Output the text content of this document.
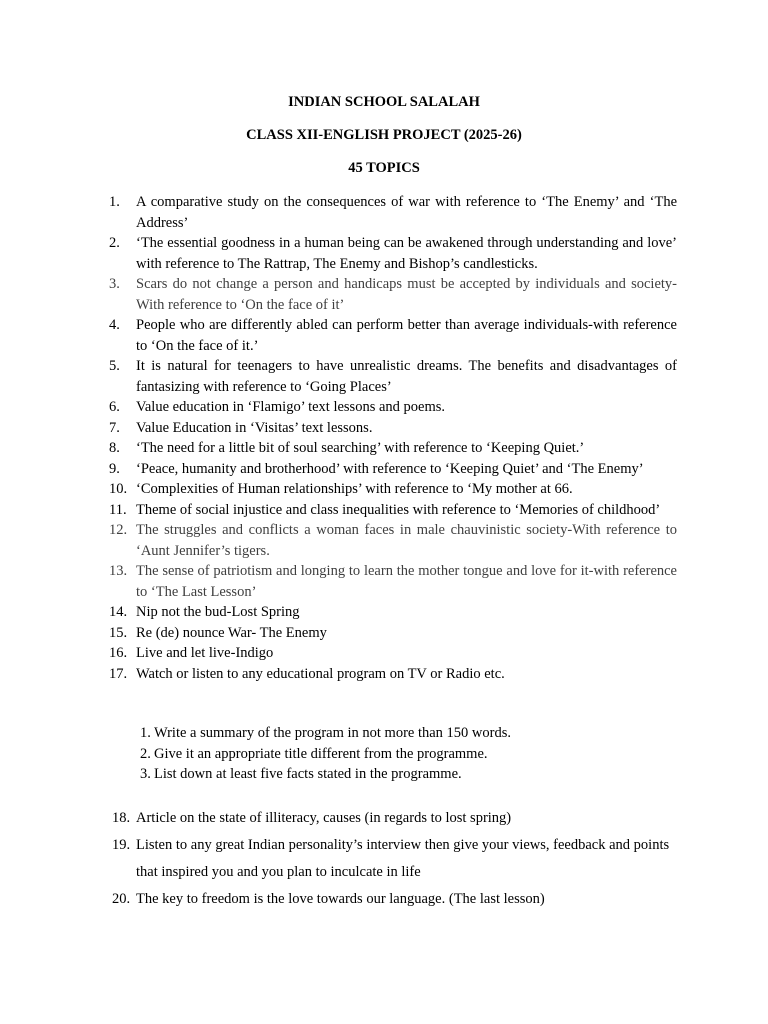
INDIAN SCHOOL SALALAH
CLASS XII-ENGLISH PROJECT (2025-26)
45 TOPICS
1.	A comparative study on the consequences of war with reference to ‘The Enemy’ and ‘The Address’
2.	‘The essential goodness in a human being can be awakened through understanding and love’ with reference to The Rattrap, The Enemy and Bishop’s candlesticks.
3.	Scars do not change a person and handicaps must be accepted by individuals and society-With reference to ‘On the face of it’
4.	People who are differently abled can perform better than average individuals-with reference to ‘On the face of it.’
5.	It is natural for teenagers to have unrealistic dreams. The benefits and disadvantages of fantasizing with reference to ‘Going Places’
6.	Value education in ‘Flamigo’ text lessons and poems.
7.	Value Education in ‘Visitas’ text lessons.
8.	‘The need for a little bit of soul searching’ with reference to ‘Keeping Quiet.’
9.	‘Peace, humanity and brotherhood’ with reference to ‘Keeping Quiet’ and ‘The Enemy’
10. ‘Complexities of Human relationships’ with reference to ‘My mother at 66.
11. Theme of social injustice and class inequalities with reference to ‘Memories of childhood’
12. The struggles and conflicts a woman faces in male chauvinistic society-With reference to ‘Aunt Jennifer’s tigers.
13. The sense of patriotism and longing to learn the mother tongue and love for it-with reference to ‘The Last Lesson’
14. Nip not the bud-Lost Spring
15. Re (de) nounce War- The Enemy
16. Live and let live-Indigo
17. Watch or listen to any educational program on TV or Radio etc.
1. Write a summary of the program in not more than 150 words.
2. Give it an appropriate title different from the programme.
3. List down at least five facts stated in the programme.
18. Article on the state of illiteracy, causes (in regards to lost spring)
19. Listen to any great Indian personality’s interview then give your views, feedback and points that inspired you and you plan to inculcate in life
20. The key to freedom is the love towards our language. (The last lesson)
